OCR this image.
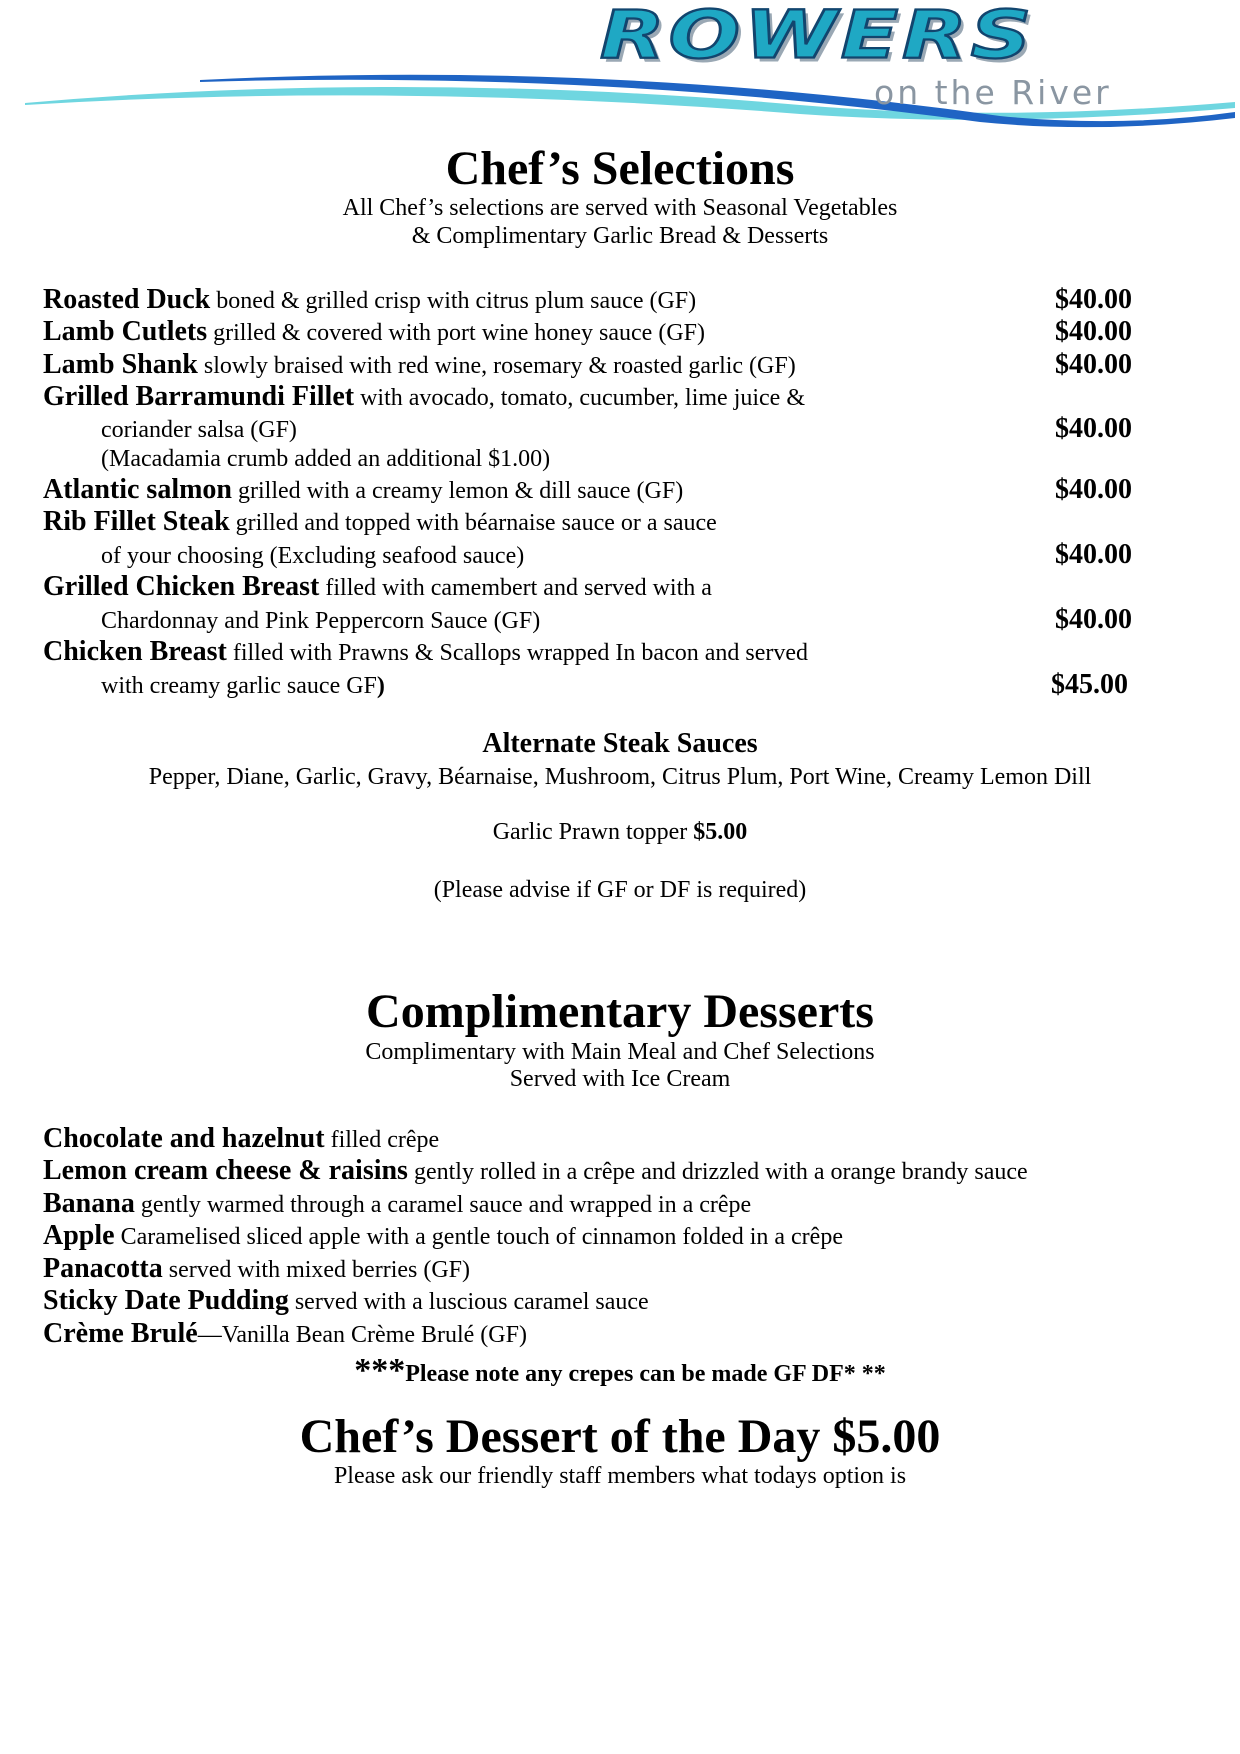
ROWERS
on the River
Chef’s Selections
All Chef’s selections are served with Seasonal Vegetables
& Complimentary Garlic Bread & Desserts
Roasted Duck boned & grilled crisp with citrus plum sauce (GF)	$40.00
Lamb Cutlets grilled & covered with port wine honey sauce (GF)	$40.00
Lamb Shank slowly braised with red wine, rosemary & roasted garlic (GF)	$40.00
Grilled Barramundi Fillet with avocado, tomato, cucumber, lime juice &
coriander salsa (GF)	$40.00
(Macadamia crumb added an additional $1.00)
Atlantic salmon grilled with a creamy lemon & dill sauce (GF)	$40.00
Rib Fillet Steak grilled and topped with béarnaise sauce or a sauce
of your choosing (Excluding seafood sauce)	$40.00
Grilled Chicken Breast filled with camembert and served with a
Chardonnay and Pink Peppercorn Sauce (GF)	$40.00
Chicken Breast filled with Prawns & Scallops wrapped In bacon and served
with creamy garlic sauce GF)	$45.00
Alternate Steak Sauces
Pepper, Diane, Garlic, Gravy, Béarnaise, Mushroom, Citrus Plum, Port Wine, Creamy Lemon Dill
Garlic Prawn topper $5.00
(Please advise if GF or DF is required)
Complimentary Desserts
Complimentary with Main Meal and Chef Selections
Served with Ice Cream
Chocolate and hazelnut filled crêpe
Lemon cream cheese & raisins gently rolled in a crêpe and drizzled with a orange brandy sauce
Banana gently warmed through a caramel sauce and wrapped in a crêpe
Apple Caramelised sliced apple with a gentle touch of cinnamon folded in a crêpe
Panacotta served with mixed berries (GF)
Sticky Date Pudding served with a luscious caramel sauce
Crème Brulé—Vanilla Bean Crème Brulé (GF)
***Please note any crepes can be made GF DF* **
Chef’s Dessert of the Day $5.00
Please ask our friendly staff members what todays option is
